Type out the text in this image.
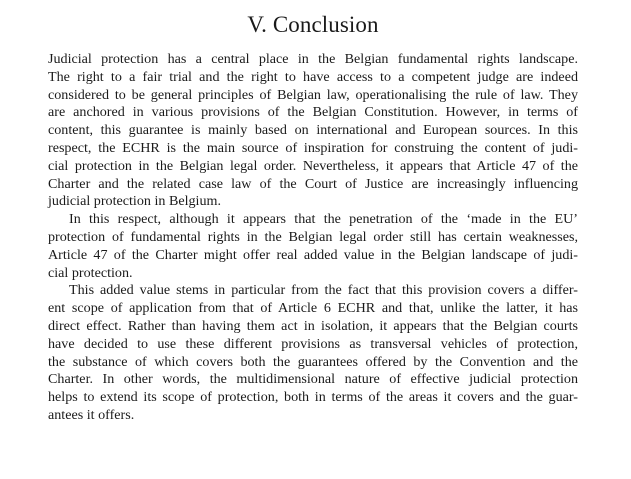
V. Conclusion

Judicial protection has a central place in the Belgian fundamental rights landscape.
The right to a fair trial and the right to have access to a competent judge are indeed
considered to be general principles of Belgian law, operationalising the rule of law. They
are anchored in various provisions of the Belgian Constitution. However, in terms of
content, this guarantee is mainly based on international and European sources. In this
respect, the ECHR is the main source of inspiration for construing the content of judi-
cial protection in the Belgian legal order. Nevertheless, it appears that Article 47 of the
Charter and the related case law of the Court of Justice are increasingly influencing
judicial protection in Belgium.

In this respect, although it appears that the penetration of the ‘made in the EU’
protection of fundamental rights in the Belgian legal order still has certain weaknesses,
Article 47 of the Charter might offer real added value in the Belgian landscape of judi-
cial protection.

This added value stems in particular from the fact that this provision covers a differ-
ent scope of application from that of Article 6 ECHR and that, unlike the latter, it has
direct effect. Rather than having them act in isolation, it appears that the Belgian courts
have decided to use these different provisions as transversal vehicles of protection,
the substance of which covers both the guarantees offered by the Convention and the
Charter. In other words, the multidimensional nature of effective judicial protection
helps to extend its scope of protection, both in terms of the areas it covers and the guar-
antees it offers.
